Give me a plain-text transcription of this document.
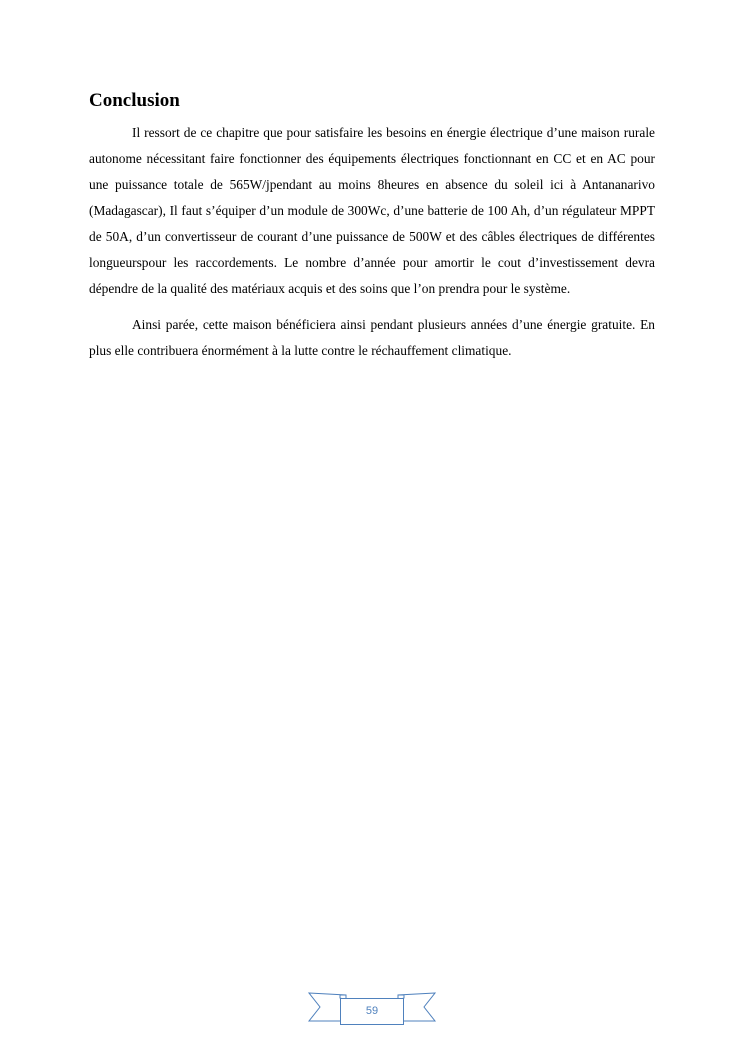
Conclusion

Il ressort de ce chapitre que pour satisfaire les besoins en énergie électrique d’une maison rurale autonome nécessitant faire fonctionner des équipements électriques fonctionnant en CC et en AC pour une puissance totale de 565W/jpendant au moins 8heures en absence du soleil ici à Antananarivo (Madagascar), Il faut s’équiper d’un module de 300Wc, d’une batterie de 100 Ah, d’un régulateur MPPT de 50A, d’un convertisseur de courant d’une puissance de 500W et des câbles électriques de différentes longueurspour les raccordements. Le nombre d’année pour amortir le cout d’investissement devra dépendre de la qualité des matériaux acquis et des soins que l’on prendra pour le système.

Ainsi parée, cette maison bénéficiera ainsi pendant plusieurs années d’une énergie gratuite. En plus elle contribuera énormément à la lutte contre le réchauffement climatique.

59
